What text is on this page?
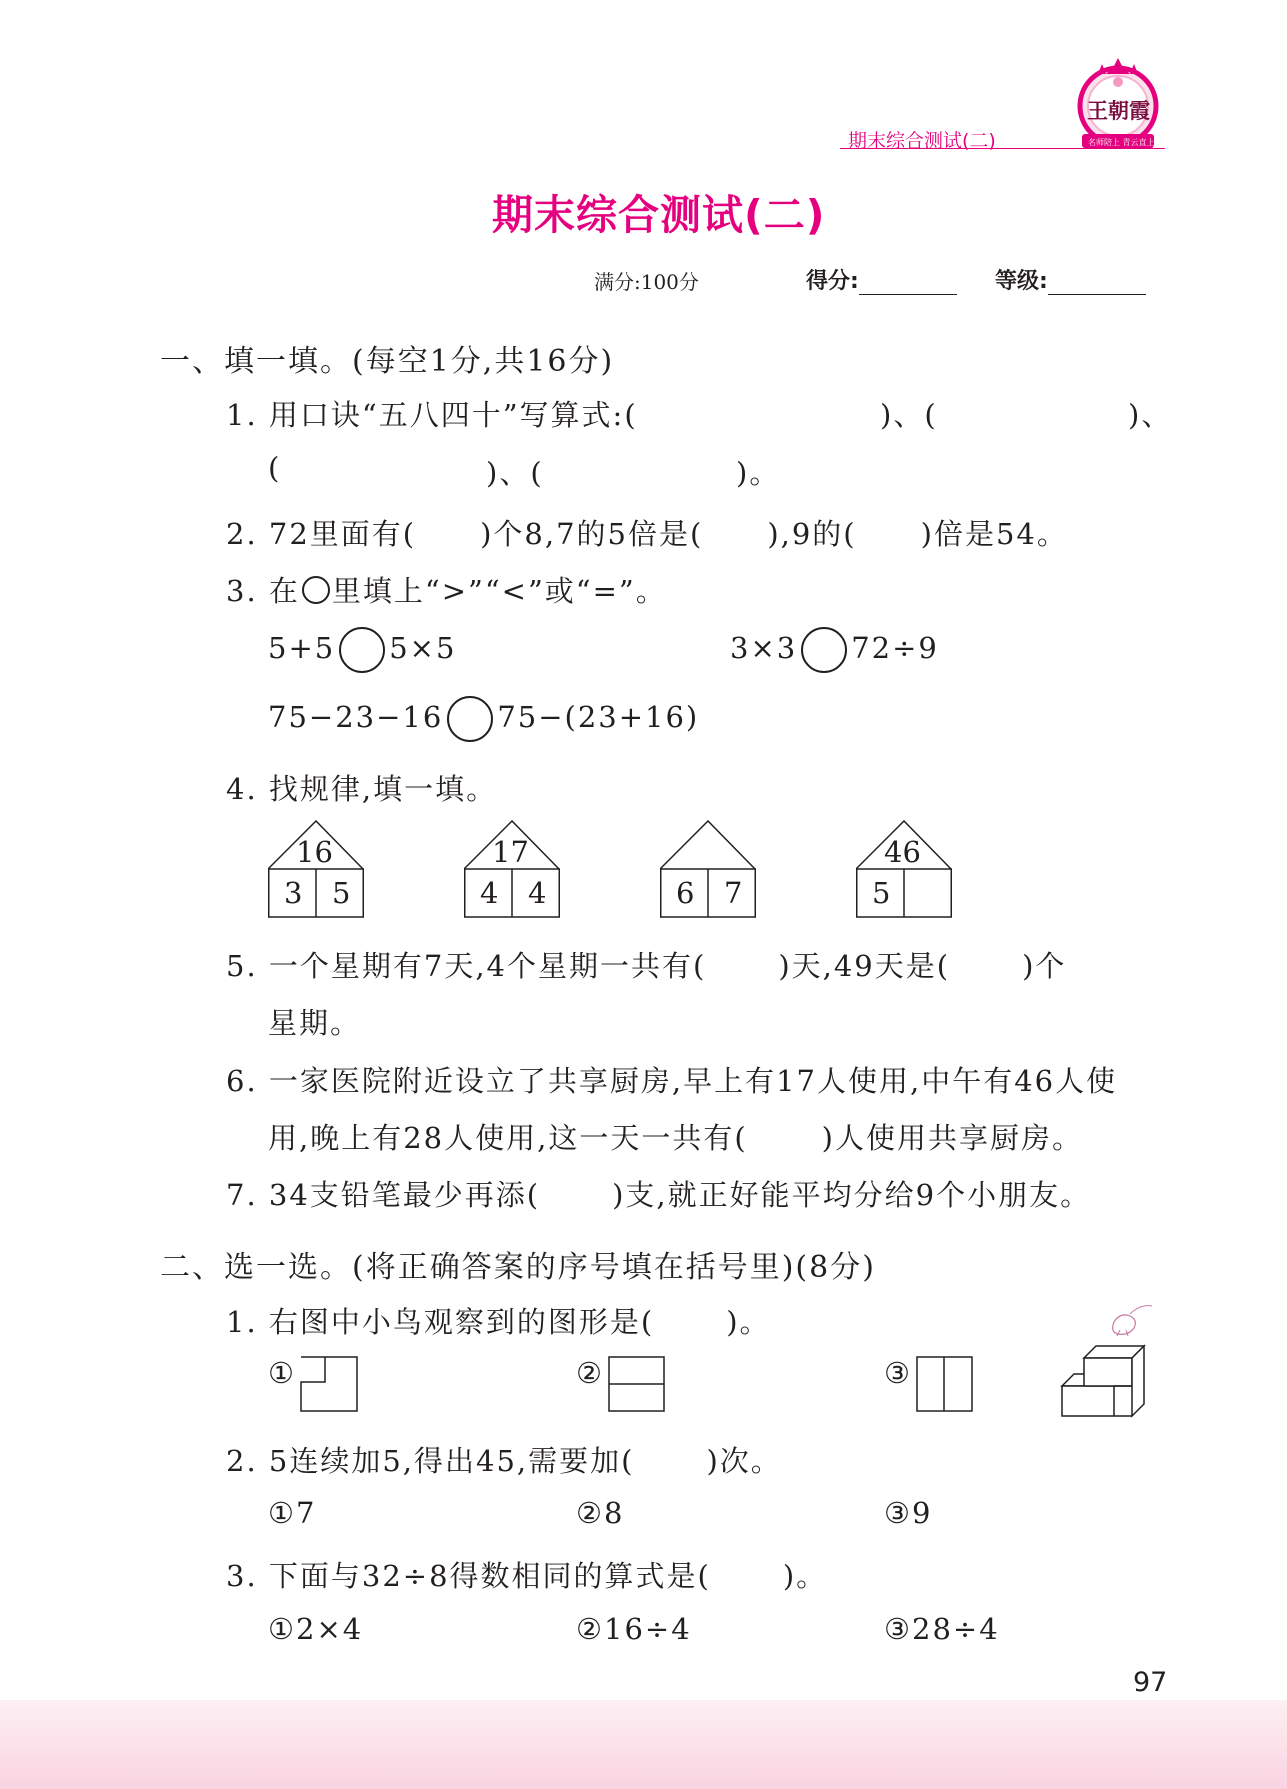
期末综合测试(二)
王朝霞
名师陪上 青云直上
期末综合测试(二)
满分:100分	得分:	等级:
一、填一填。(每空1分,共16分)
1. 用口诀“五八四十”写算式:(	)、(	)、
(	)、(	)。
2. 72里面有( )个8,7的5倍是( ),9的( )倍是54。
3. 在 里填上“>”“<”或“=”。
5+5 5×5	3×3 72÷9
75−23−16 75−(23+16)
4. 找规律,填一填。
16
3 5
17
4 4	6 7
46
5
5. 一个星期有7天,4个星期一共有( )天,49天是( )个
星期。
6. 一家医院附近设立了共享厨房,早上有17人使用,中午有46人使
用,晚上有28人使用,这一天一共有(	)人使用共享厨房。
7. 34支铅笔最少再添( )支,就正好能平均分给9个小朋友。
二、选一选。(将正确答案的序号填在括号里)(8分)
1. 右图中小鸟观察到的图形是( )。
①	②	③
2. 5连续加5,得出45,需要加( )次。
①7	②8	③9
3. 下面与32÷8得数相同的算式是( )。
①2×4	②16÷4	③28÷4
97
